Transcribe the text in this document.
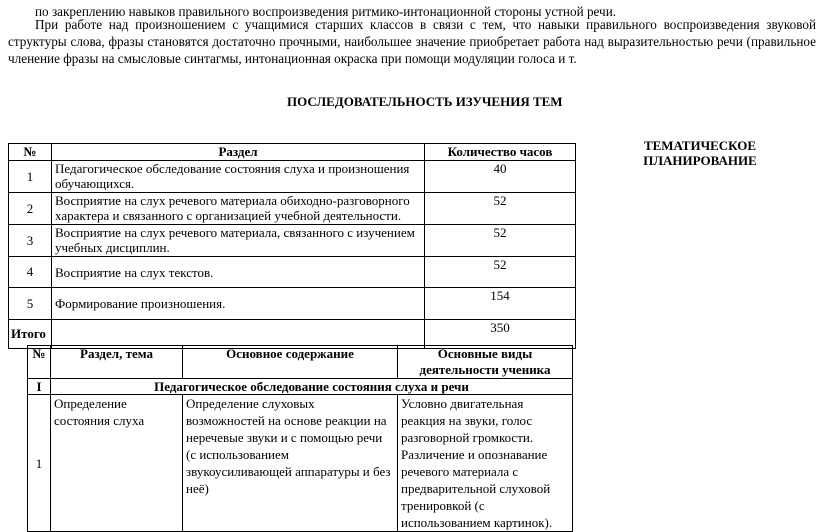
по закреплению навыков правильного воспроизведения ритмико-интонационной стороны устной речи.
При работе над произношением с учащимися старших классов в связи с тем, что навыки правильного воспроизведения звуковой структуры слова, фразы становятся достаточно прочными, наибольшее значение приобретает работа над выразительностью речи (правильное членение фразы на смысловые синтагмы, интонационная окраска при помощи модуляции голоса и т.
ПОСЛЕДОВАТЕЛЬНОСТЬ ИЗУЧЕНИЯ ТЕМ
ТЕМАТИЧЕСКОЕ ПЛАНИРОВАНИЕ
№	Раздел	Количество часов
1	Педагогическое обследование состояния слуха и произношения обучающихся.	40
2	Восприятие на слух речевого материала обиходно-разговорного характера и связанного с организацией учебной деятельности.	52
3	Восприятие на слух речевого материала, связанного с изучением учебных дисциплин.	52
4	Восприятие на слух текстов.	52
5	Формирование произношения.	154
Итого		350
№	Раздел, тема	Основное содержание	Основные виды деятельности ученика
I	Педагогическое обследование состояния слуха и речи		
1	Определение состояния слуха	Определение слуховых возможностей на основе реакции на неречевые звуки и с помощью речи (с использованием звукоусиливающей аппаратуры и без неё)	Условно двигательная реакция на звуки, голос разговорной громкости. Различение и опознавание речевого материала с предварительной слуховой тренировкой (с использованием картинок).
